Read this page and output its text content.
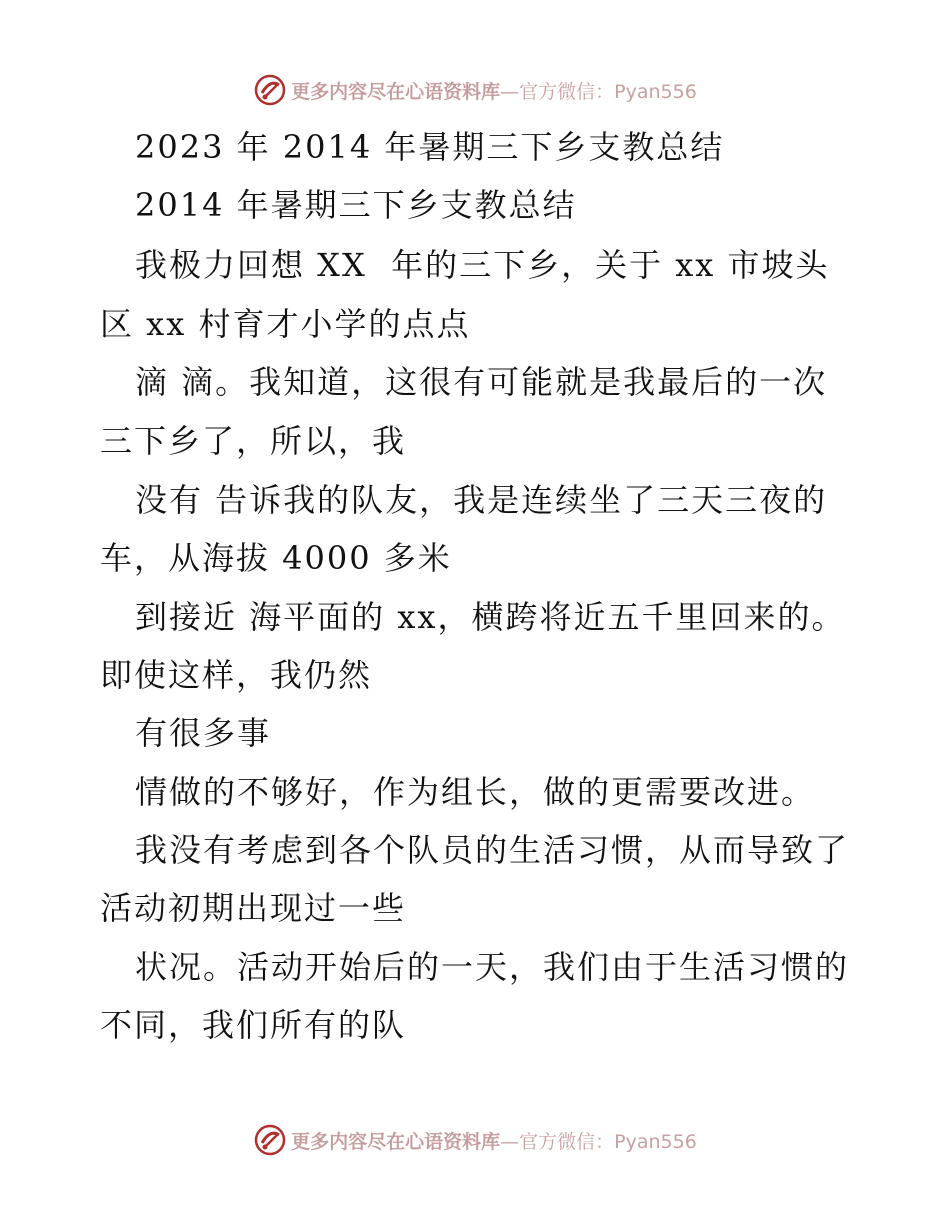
更多内容尽在心语资料库—官方微信：Pyan556
2023 年 2014 年暑期三下乡支教总结
2014 年暑期三下乡支教总结
我极力回想 XX  年的三下乡，关于 xx 市坡头
区 xx 村育才小学的点点
滴 滴。我知道，这很有可能就是我最后的一次
三下乡了，所以，我
没有 告诉我的队友，我是连续坐了三天三夜的
车，从海拔 4000 多米
到接近 海平面的 xx，横跨将近五千里回来的。
即使这样，我仍然
有很多事
情做的不够好，作为组长，做的更需要改进。
我没有考虑到各个队员的生活习惯，从而导致了
活动初期出现过一些
状况。活动开始后的一天，我们由于生活习惯的
不同，我们所有的队
更多内容尽在心语资料库—官方微信：Pyan556
